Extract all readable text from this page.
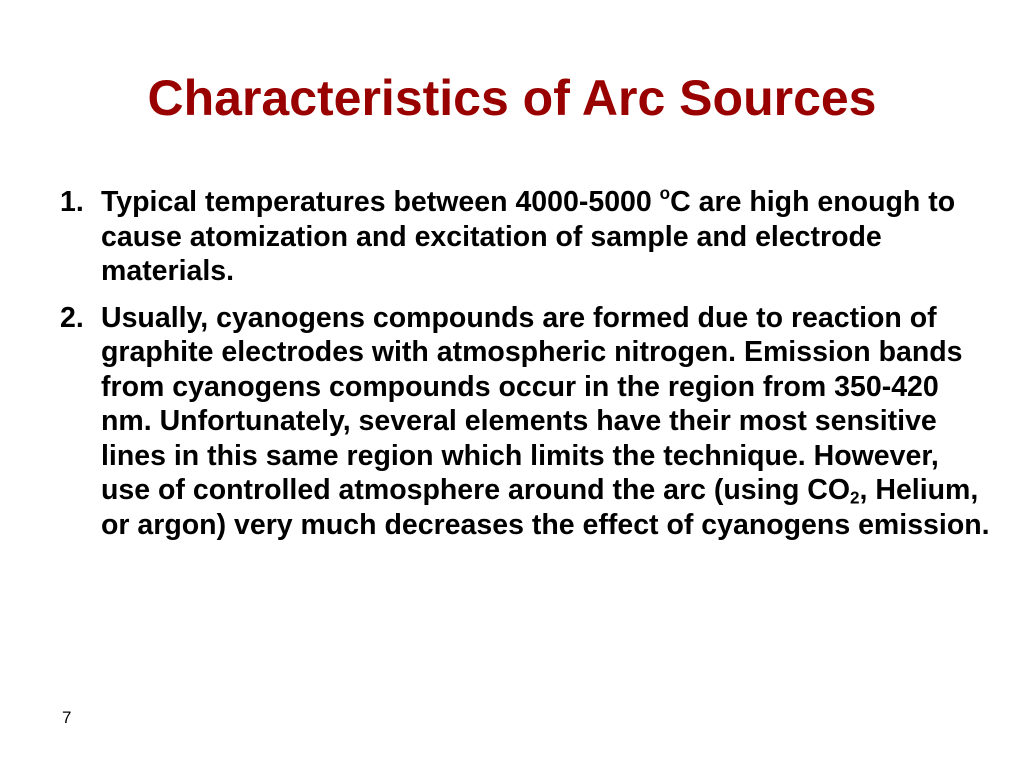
Characteristics of Arc Sources
1. Typical temperatures between 4000-5000 $^o$C are high enough to cause atomization and excitation of sample and electrode materials.
2. Usually, cyanogens compounds are formed due to reaction of graphite electrodes with atmospheric nitrogen. Emission bands from cyanogens compounds occur in the region from 350-420 nm. Unfortunately, several elements have their most sensitive lines in this same region which limits the technique. However, use of controlled atmosphere around the arc (using $CO_2$, Helium, or argon) very much decreases the effect of cyanogens emission.
7
